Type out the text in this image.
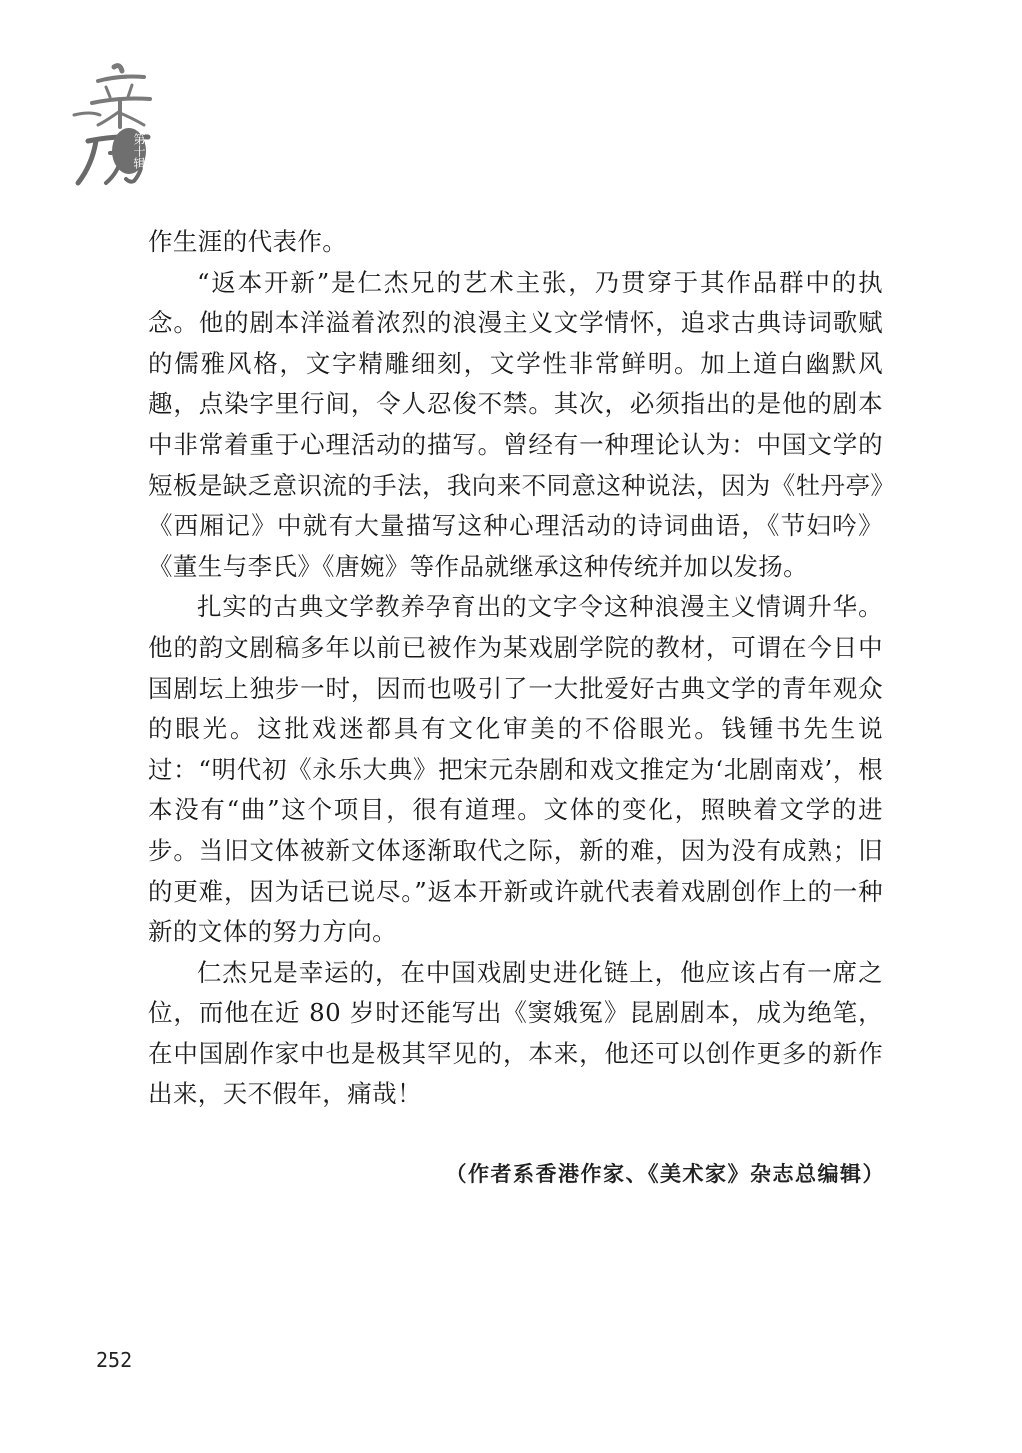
第十辑

作生涯的代表作。

“返本开新”是仁杰兄的艺术主张，乃贯穿于其作品群中的执念。他的剧本洋溢着浓烈的浪漫主义文学情怀，追求古典诗词歌赋的儒雅风格，文字精雕细刻，文学性非常鲜明。加上道白幽默风趣，点染字里行间，令人忍俊不禁。其次，必须指出的是他的剧本中非常着重于心理活动的描写。曾经有一种理论认为：中国文学的短板是缺乏意识流的手法，我向来不同意这种说法，因为《牡丹亭》《西厢记》中就有大量描写这种心理活动的诗词曲语，《节妇吟》《董生与李氏》《唐婉》等作品就继承这种传统并加以发扬。

扎实的古典文学教养孕育出的文字令这种浪漫主义情调升华。他的韵文剧稿多年以前已被作为某戏剧学院的教材，可谓在今日中国剧坛上独步一时，因而也吸引了一大批爱好古典文学的青年观众的眼光。这批戏迷都具有文化审美的不俗眼光。钱锺书先生说过：“明代初《永乐大典》把宋元杂剧和戏文推定为‘北剧南戏’，根本没有“曲”这个项目，很有道理。文体的变化，照映着文学的进步。当旧文体被新文体逐渐取代之际，新的难，因为没有成熟；旧的更难，因为话已说尽。”返本开新或许就代表着戏剧创作上的一种新的文体的努力方向。

仁杰兄是幸运的，在中国戏剧史进化链上，他应该占有一席之位，而他在近 80 岁时还能写出《窦娥冤》昆剧剧本，成为绝笔，在中国剧作家中也是极其罕见的，本来，他还可以创作更多的新作出来，天不假年，痛哉！

（作者系香港作家、《美术家》杂志总编辑）
252
